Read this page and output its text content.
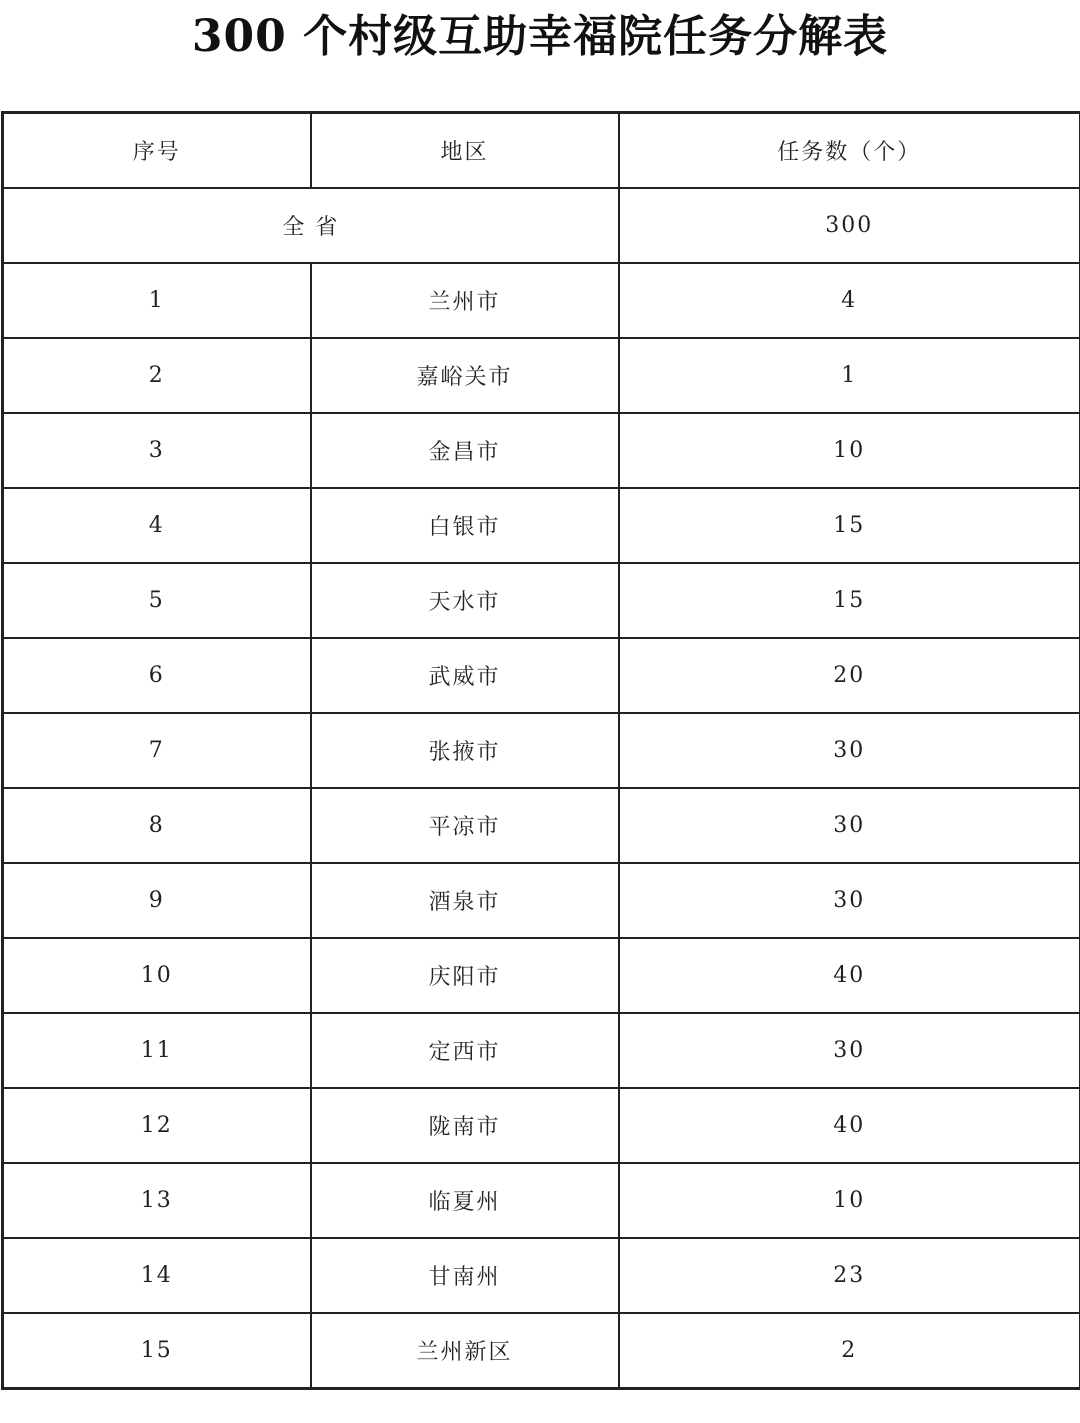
300 个村级互助幸福院任务分解表
序号	地区	任务数（个）
全 省		300
1	兰州市	4
2	嘉峪关市	1
3	金昌市	10
4	白银市	15
5	天水市	15
6	武威市	20
7	张掖市	30
8	平凉市	30
9	酒泉市	30
10	庆阳市	40
11	定西市	30
12	陇南市	40
13	临夏州	10
14	甘南州	23
15	兰州新区	2
